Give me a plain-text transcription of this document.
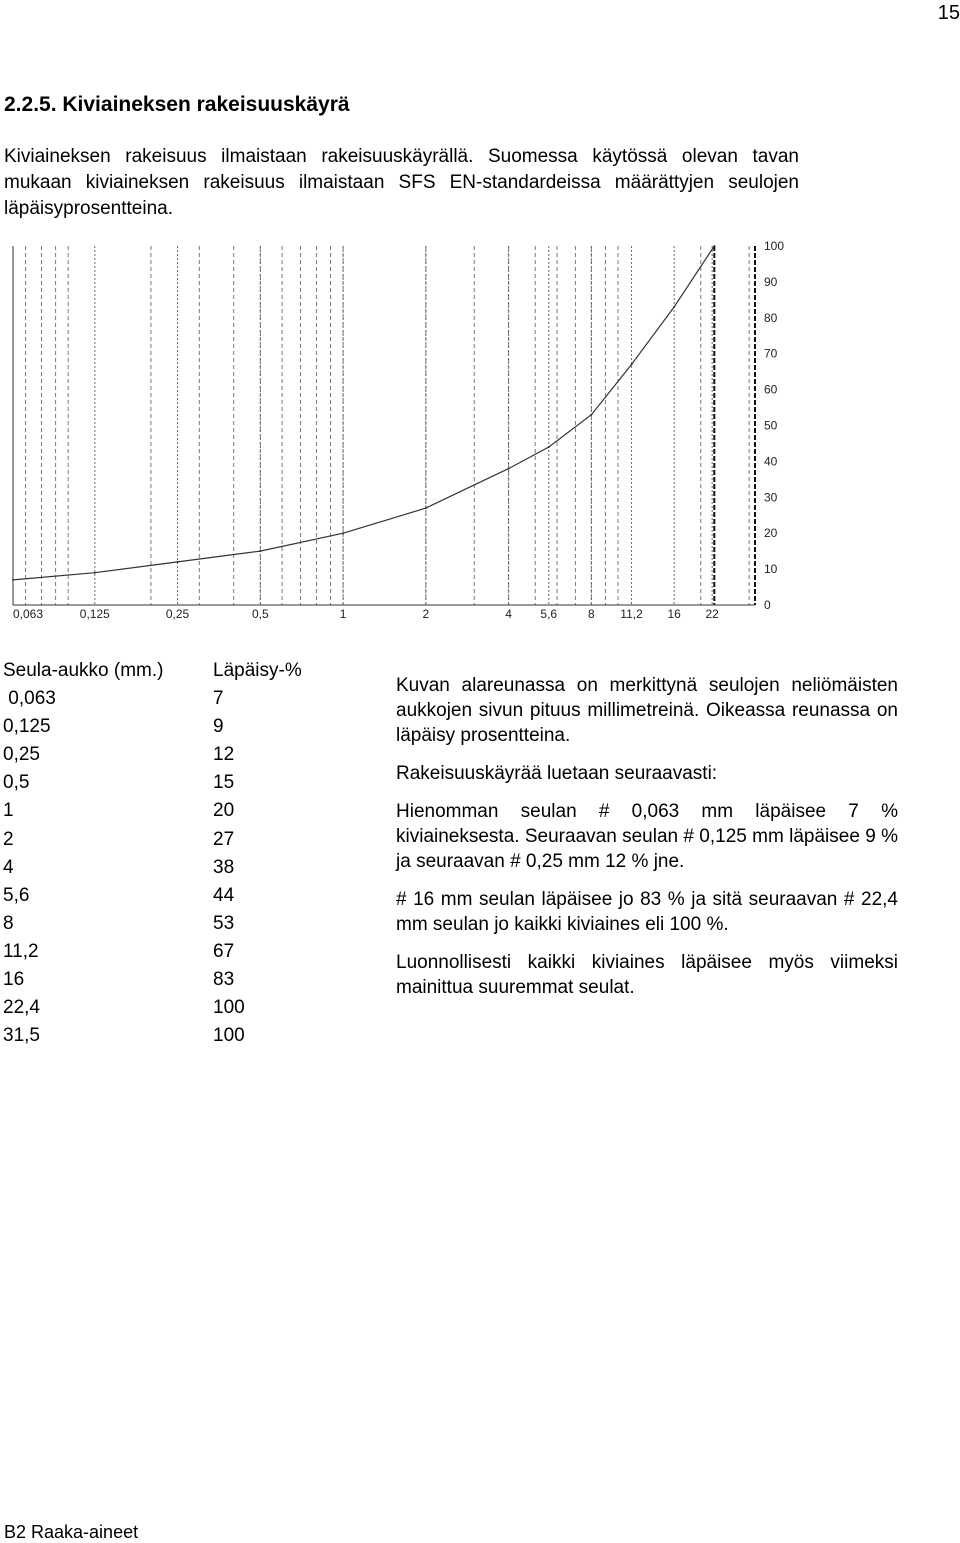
15
2.2.5. Kiviaineksen rakeisuuskäyrä
Kiviaineksen rakeisuus ilmaistaan rakeisuuskäyrällä. Suomessa käytössä olevan tavan mukaan kiviaineksen rakeisuus ilmaistaan SFS EN-standardeissa määrättyjen seulojen läpäisyprosentteina.
0,063	0,125	0,25	0,5	1	2	4 5,6	8 11,2 16 22
0
10
20
30
40
50
60
70
80
90
100
Seula-aukko (mm.)	Läpäisy-%
0,063	7
0,125	9
0,25	12
0,5	15
1	20
2	27
4	38
5,6	44
8	53
11,2	67
16	83
22,4	100
31,5	100

Kuvan alareunassa on merkittynä seulojen neliömäisten aukkojen sivun pituus millimetreinä. Oikeassa reunassa on läpäisy prosentteina.

Rakeisuuskäyrää luetaan seuraavasti:

Hienomman seulan # 0,063 mm läpäisee 7 % kiviaineksesta. Seuraavan seulan # 0,125 mm läpäisee 9 % ja seuraavan # 0,25 mm 12 % jne.

# 16 mm seulan läpäisee jo 83 % ja sitä seuraavan # 22,4 mm seulan jo kaikki kiviaines eli 100 %.

Luonnollisesti kaikki kiviaines läpäisee myös viimeksi mainittua suuremmat seulat.

B2 Raaka-aineet
